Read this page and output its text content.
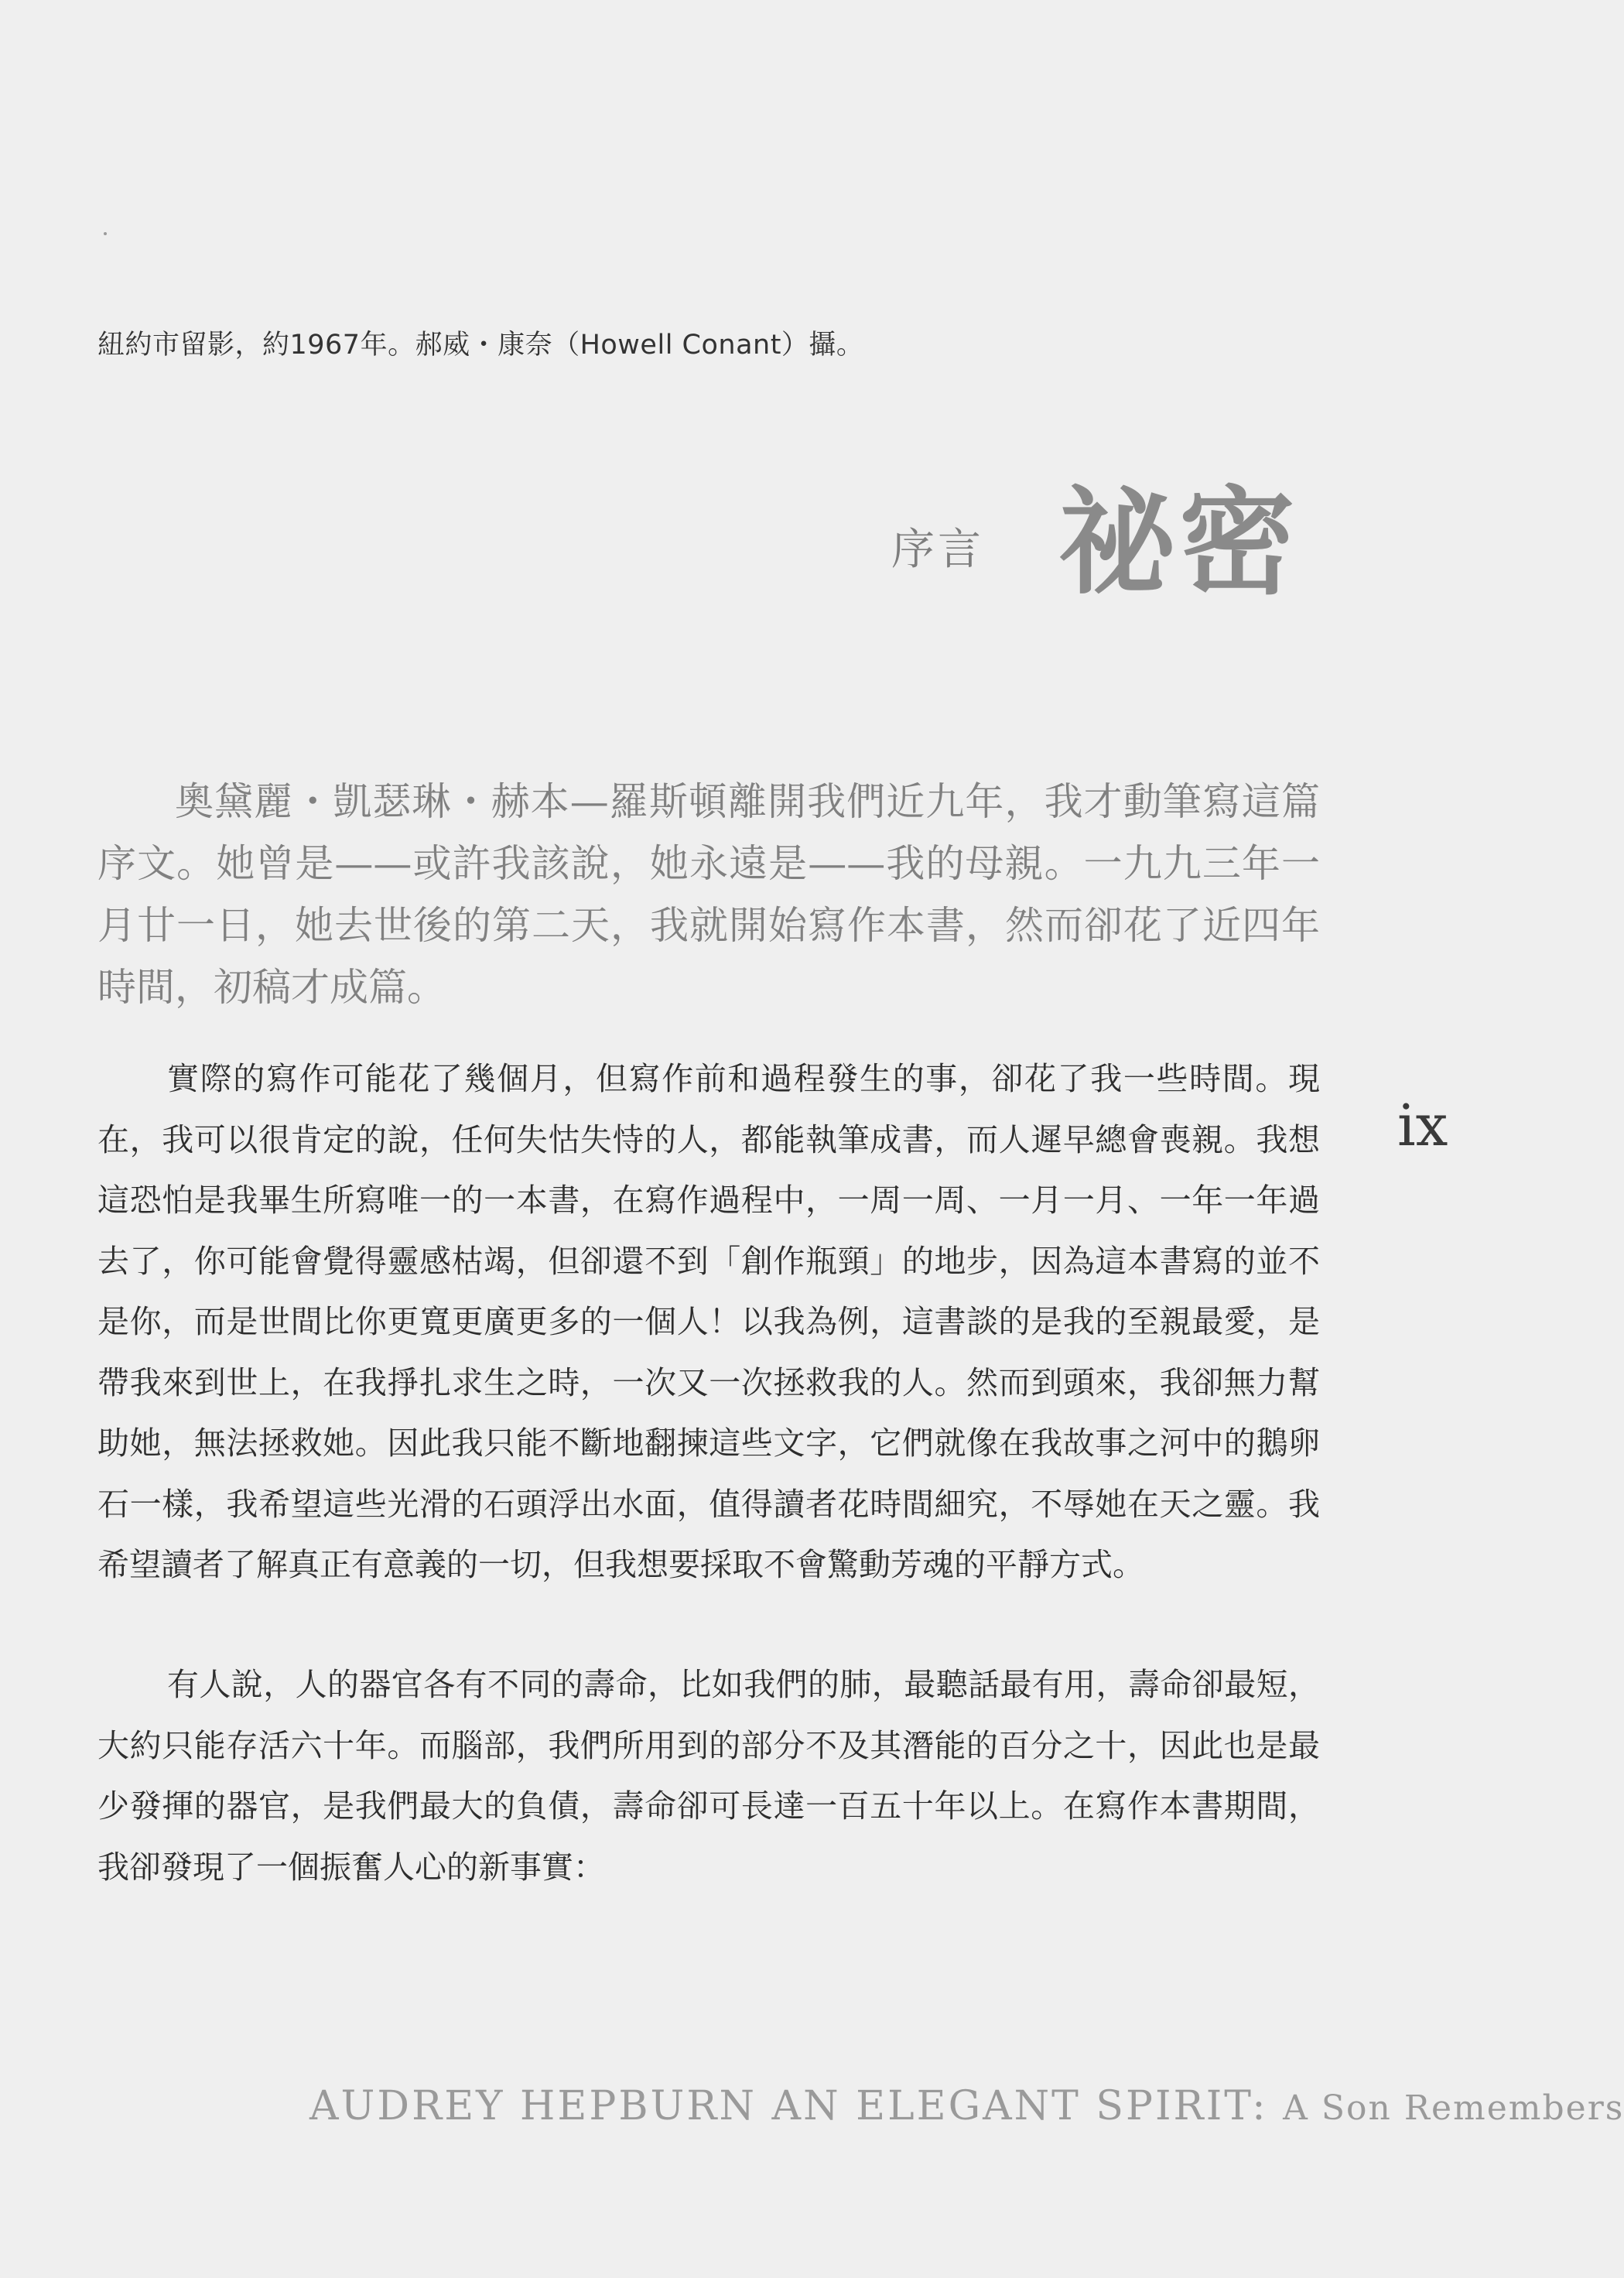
紐約市留影，約1967年。郝威・康奈（Howell Conant）攝。
序言 祕密
奧黛麗・凱瑟琳・赫本—羅斯頓離開我們近九年，我才動筆寫這篇序文。她曾是——或許我該說，她永遠是——我的母親。一九九三年一月廿一日，她去世後的第二天，我就開始寫作本書，然而卻花了近四年時間，初稿才成篇。
實際的寫作可能花了幾個月，但寫作前和過程發生的事，卻花了我一些時間。現在，我可以很肯定的說，任何失怙失恃的人，都能執筆成書，而人遲早總會喪親。我想這恐怕是我畢生所寫唯一的一本書，在寫作過程中，一周一周、一月一月、一年一年過去了，你可能會覺得靈感枯竭，但卻還不到「創作瓶頸」的地步，因為這本書寫的並不是你，而是世間比你更寬更廣更多的一個人！以我為例，這書談的是我的至親最愛，是帶我來到世上，在我掙扎求生之時，一次又一次拯救我的人。然而到頭來，我卻無力幫助她，無法拯救她。因此我只能不斷地翻揀這些文字，它們就像在我故事之河中的鵝卵石一樣，我希望這些光滑的石頭浮出水面，值得讀者花時間細究，不辱她在天之靈。我希望讀者了解真正有意義的一切，但我想要採取不會驚動芳魂的平靜方式。
有人說，人的器官各有不同的壽命，比如我們的肺，最聽話最有用，壽命卻最短，大約只能存活六十年。而腦部，我們所用到的部分不及其潛能的百分之十，因此也是最少發揮的器官，是我們最大的負債，壽命卻可長達一百五十年以上。在寫作本書期間，我卻發現了一個振奮人心的新事實：
ix
AUDREY HEPBURN AN ELEGANT SPIRIT: A Son Remembers
